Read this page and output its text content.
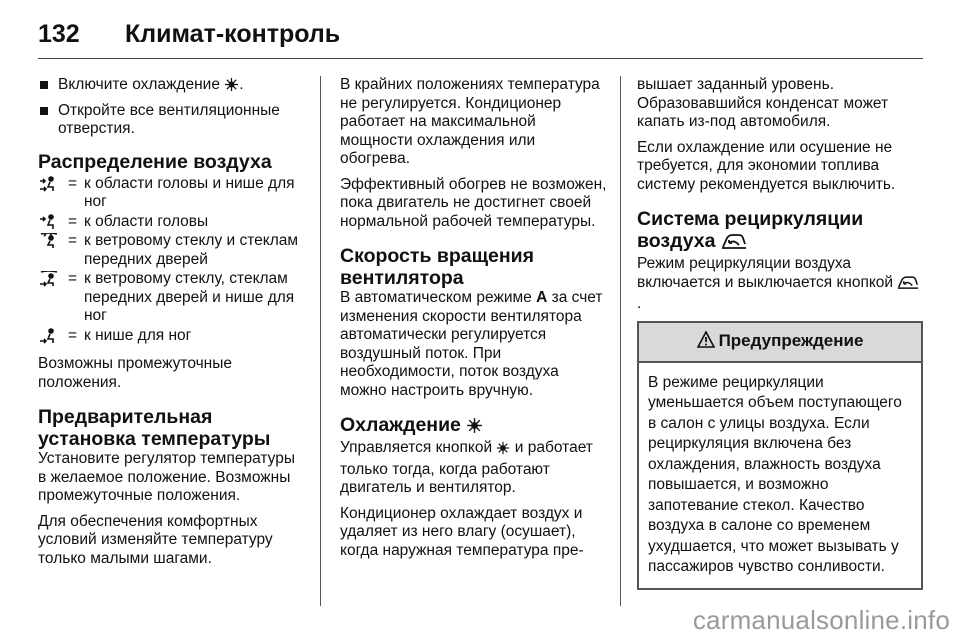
132 Климат-контроль
Включите охлаждение .
Откройте все вентиляционные отверстия.
Распределение воздуха
= к области головы и нише для ног
= к области головы
= к ветровому стеклу и стеклам передних дверей
= к ветровому стеклу, стеклам передних дверей и нише для ног
= к нише для ног

Возможны промежуточные положения.

Предварительная установка температуры

Установите регулятор температуры в желаемое положение. Возможны промежуточные положения.

Для обеспечения комфортных условий изменяйте температуру только малыми шагами.

В крайних положениях температура не регулируется. Кондиционер работает на максимальной мощности охлаждения или обогрева.

Эффективный обогрев не возможен, пока двигатель не достигнет своей нормальной рабочей температуры.

Скорость вращения вентилятора

В автоматическом режиме A за счет изменения скорости вентилятора автоматически регулируется воздушный поток. При необходимости, поток воздуха можно настроить вручную.

Охлаждение

Управляется кнопкой и работает только тогда, когда работают двигатель и вентилятор.

Кондиционер охлаждает воздух и удаляет из него влагу (осушает), когда наружная температура пре-

вышает заданный уровень. Образовавшийся конденсат может капать из-под автомобиля.

Если охлаждение или осушение не требуется, для экономии топлива систему рекомендуется выключить.

Система рециркуляции воздуха

Режим рециркуляции воздуха включается и выключается кнопкой .

Предупреждение
В режиме рециркуляции уменьшается объем поступающего в салон с улицы воздуха. Если рециркуляция включена без охлаждения, влажность воздуха повышается, и возможно запотевание стекол. Качество воздуха в салоне со временем ухудшается, что может вызывать у пассажиров чувство сонливости.
carmanualsonline.info
